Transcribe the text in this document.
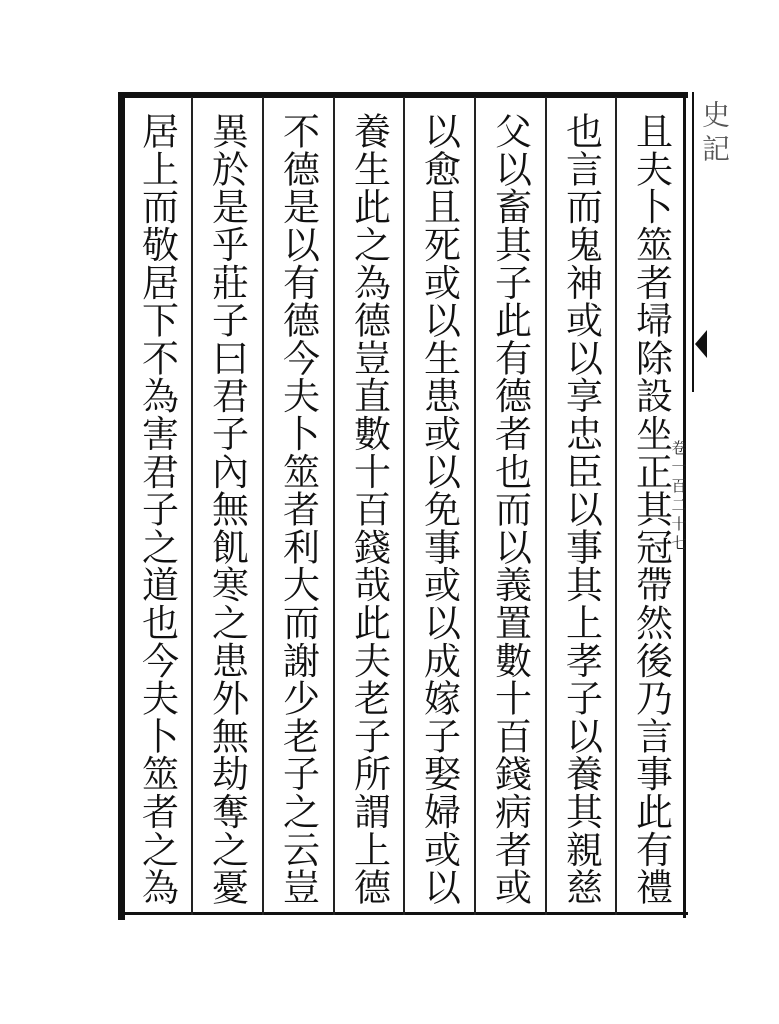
且夫卜筮者埽除設坐正其冠帶然後乃言事此有禮
也言而鬼神或以享忠臣以事其上孝子以養其親慈
父以畜其子此有德者也而以義置數十百錢病者或
以愈且死或以生患或以免事或以成嫁子娶婦或以
養生此之為德豈直數十百錢哉此夫老子所謂上德
不德是以有德今夫卜筮者利大而謝少老子之云豈
異於是乎莊子曰君子內無飢寒之患外無劫奪之憂
居上而敬居下不為害君子之道也今夫卜筮者之為	史記
卷一百二十七
